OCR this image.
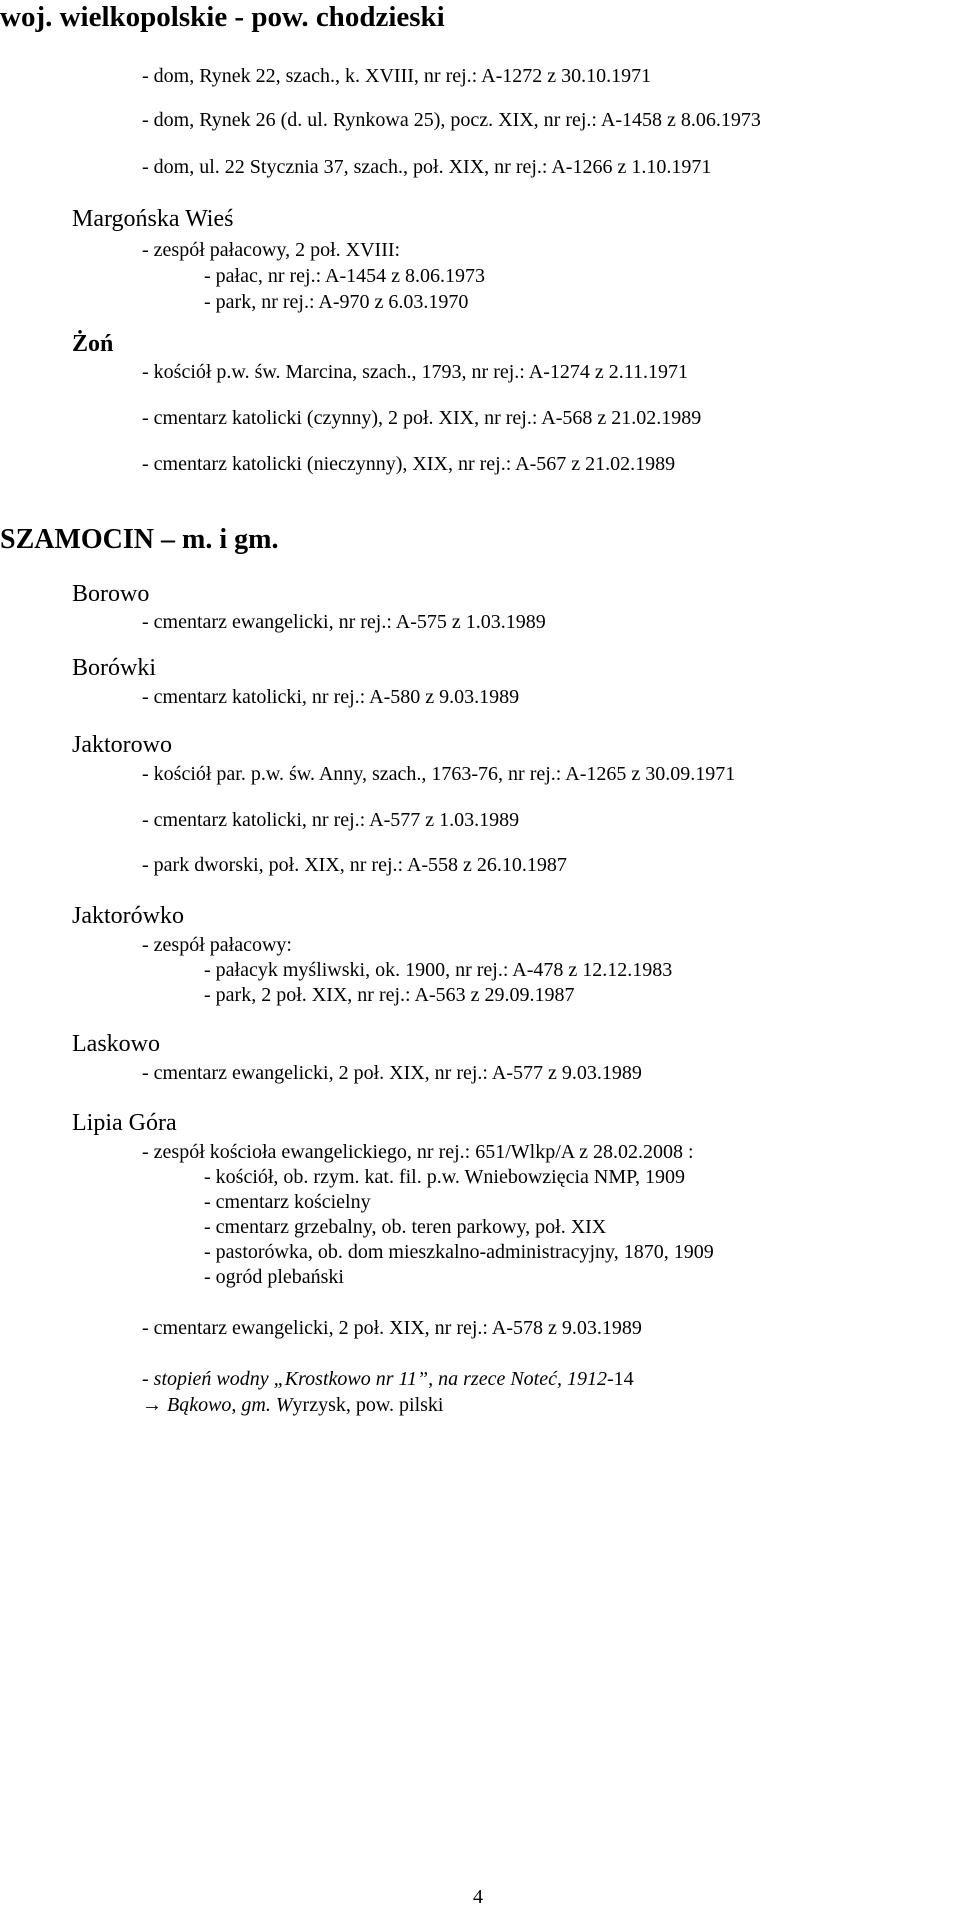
woj. wielkopolskie - pow. chodzieski
- dom, Rynek 22, szach., k. XVIII, nr rej.: A-1272 z 30.10.1971
- dom, Rynek 26 (d. ul. Rynkowa 25), pocz. XIX, nr rej.: A-1458 z 8.06.1973
- dom, ul. 22 Stycznia 37, szach., poł. XIX, nr rej.: A-1266 z 1.10.1971
Margońska Wieś
- zespół pałacowy, 2 poł. XVIII:
- pałac, nr rej.: A-1454 z 8.06.1973
- park, nr rej.: A-970 z 6.03.1970
Żoń
- kościół p.w. św. Marcina, szach., 1793, nr rej.: A-1274 z 2.11.1971
- cmentarz katolicki (czynny), 2 poł. XIX, nr rej.: A-568 z 21.02.1989
- cmentarz katolicki (nieczynny), XIX, nr rej.: A-567 z 21.02.1989
SZAMOCIN – m. i gm.
Borowo
- cmentarz ewangelicki, nr rej.: A-575 z 1.03.1989
Borówki
- cmentarz katolicki, nr rej.: A-580 z 9.03.1989
Jaktorowo
- kościół par. p.w. św. Anny, szach., 1763-76, nr rej.: A-1265 z 30.09.1971
- cmentarz katolicki, nr rej.: A-577 z 1.03.1989
- park dworski, poł. XIX, nr rej.: A-558 z 26.10.1987
Jaktorówko
- zespół pałacowy:
- pałacyk myśliwski, ok. 1900, nr rej.: A-478 z 12.12.1983
- park, 2 poł. XIX, nr rej.: A-563 z 29.09.1987
Laskowo
- cmentarz ewangelicki, 2 poł. XIX, nr rej.: A-577 z 9.03.1989
Lipia Góra
- zespół kościoła ewangelickiego, nr rej.: 651/Wlkp/A z 28.02.2008 :
- kościół, ob. rzym. kat. fil. p.w. Wniebowzięcia NMP, 1909
- cmentarz kościelny
- cmentarz grzebalny, ob. teren parkowy, poł. XIX
- pastorówka, ob. dom mieszkalno-administracyjny, 1870, 1909
- ogród plebański
- cmentarz ewangelicki, 2 poł. XIX, nr rej.: A-578 z 9.03.1989
- stopień wodny „Krostkowo nr 11”, na rzece Noteć, 1912-14
→ Bąkowo, gm. Wyrzysk, pow. pilski
4
